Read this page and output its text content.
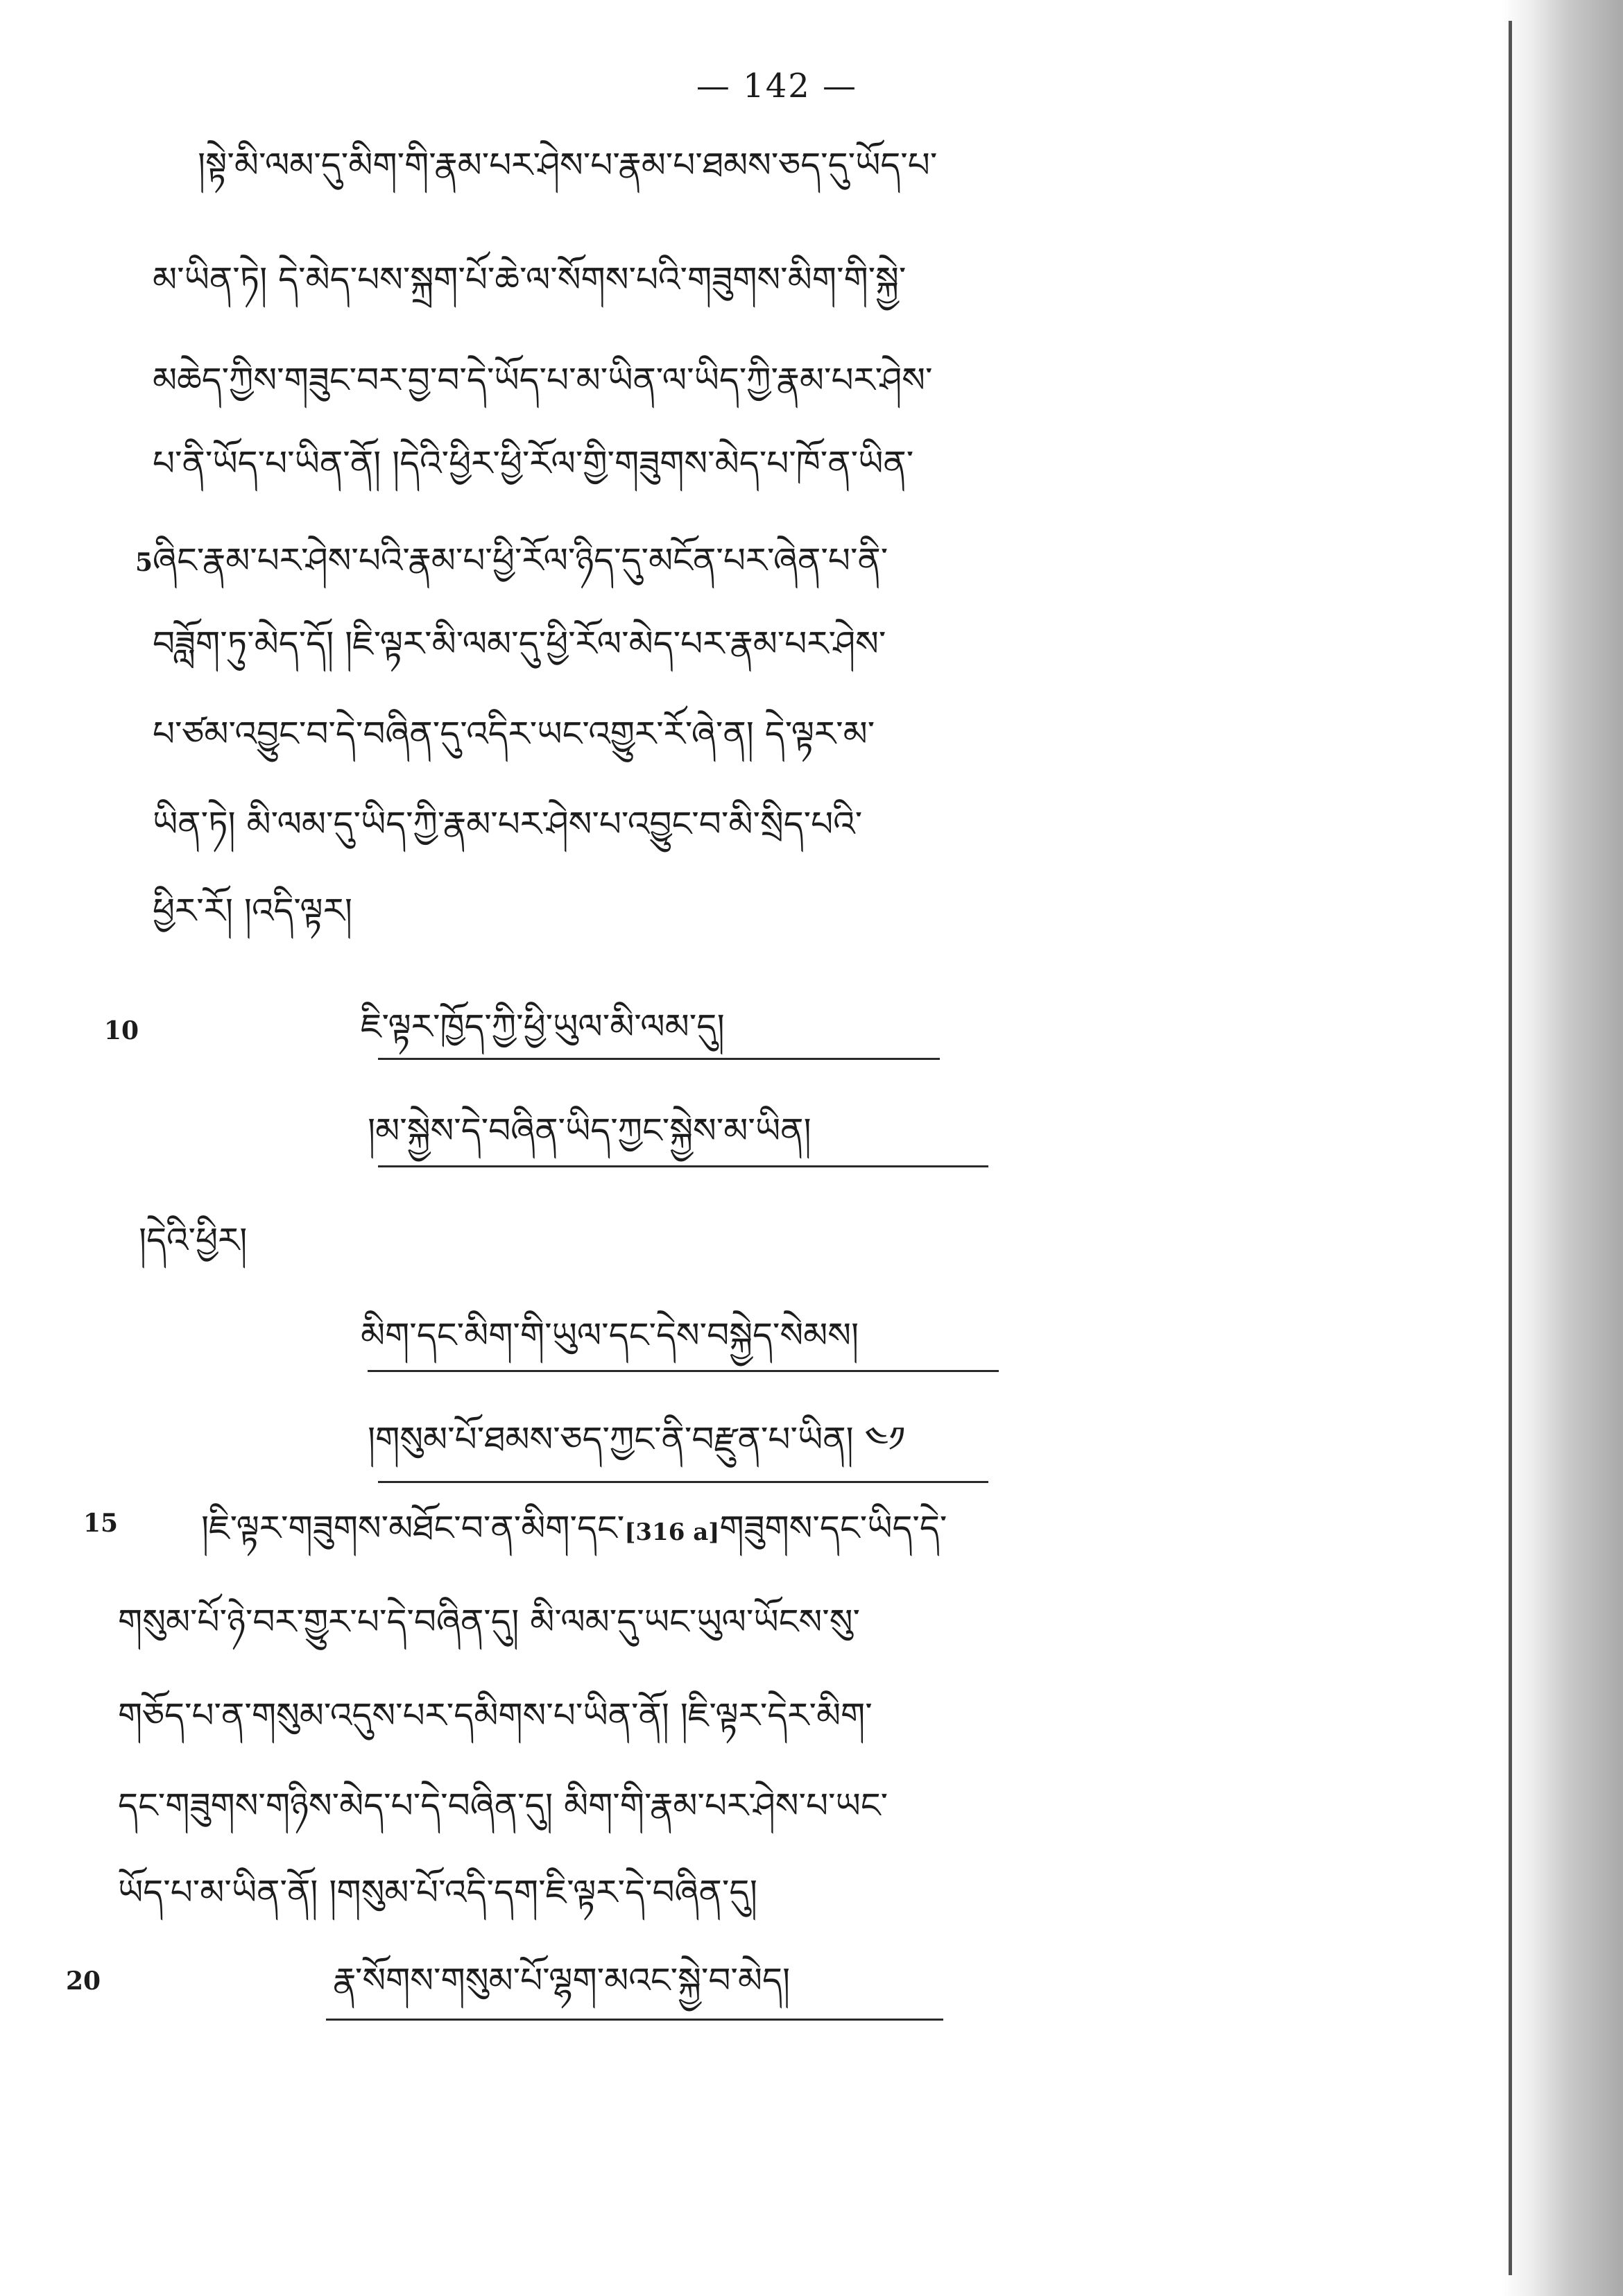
— 142 —
།སྟེ་མི་ལམ་དུ་མིག་གི་རྣམ་པར་ཤེས་པ་རྣམ་པ་ཐམས་ཅད་དུ་ཡོད་པ་
མ་ཡིན་ཏེ། དེ་མེད་པས་སྐྲག་པོ་ཆེ་ལ་སོགས་པའི་གཟུགས་མིག་གི་སྐྱེ་
མཆེད་ཀྱིས་གཟུང་བར་བྱ་བ་དེ་ཡོད་པ་མ་ཡིན་ལ་ཡིད་ཀྱི་རྣམ་པར་ཤེས་
པ་ནི་ཡོད་པ་ཡིན་ནོ། །དེའི་ཕྱིར་ཕྱི་རོལ་གྱི་གཟུགས་མེད་པ་ཁོ་ན་ཡིན་
5 ཞིང་རྣམ་པར་ཤེས་པའི་རྣམ་པ་ཕྱི་རོལ་ཉིད་དུ་མངོན་པར་ཞེན་པ་ནི་
བཟློག་ཏུ་མེད་དོ། །ཇི་ལྟར་མི་ལམ་དུ་ཕྱི་རོལ་མེད་པར་རྣམ་པར་ཤེས་
པ་ཙམ་འབྱུང་བ་དེ་བཞིན་དུ་འདིར་ཡང་འགྱུར་རོ་ཞེ་ན། དེ་ལྟར་མ་
ཡིན་ཏེ། མི་ལམ་དུ་ཡིད་ཀྱི་རྣམ་པར་ཤེས་པ་འབྱུང་བ་མི་སྲིད་པའི་
ཕྱིར་རོ། །འདི་ལྟར།
10	ཇི་ལྟར་ཁྱོད་ཀྱི་ཕྱི་ཡུལ་མི་ལམ་དུ།
།མ་སྐྱེས་དེ་བཞིན་ཡིད་ཀྱང་སྐྱེས་མ་ཡིན།
།དེའི་ཕྱིར།
མིག་དང་མིག་གི་ཡུལ་དང་དེས་བསྐྱེད་སེམས།
།གསུམ་པོ་ཐམས་ཅད་ཀྱང་ནི་བརྫུན་པ་ཡིན། ༤༡
15 །ཇི་ལྟར་གཟུགས་མཐོང་བ་ན་མིག་དང་[316 a]གཟུགས་དང་ཡིད་དེ་
གསུམ་པོ་ཉེ་བར་གྱུར་པ་དེ་བཞིན་དུ། མི་ལམ་དུ་ཡང་ཡུལ་ཡོངས་སུ་
གཅོད་པ་ན་གསུམ་འདུས་པར་དམིགས་པ་ཡིན་ནོ། །ཇི་ལྟར་དེར་མིག་
དང་གཟུགས་གཉིས་མེད་པ་དེ་བཞིན་དུ། མིག་གི་རྣམ་པར་ཤེས་པ་ཡང་
ཡོད་པ་མ་ཡིན་ནོ། །གསུམ་པོ་འདི་དག་ཇི་ལྟར་དེ་བཞིན་དུ།
20	རྣ་སོགས་གསུམ་པོ་ལྷག་མའང་སྐྱེ་བ་མེད།
